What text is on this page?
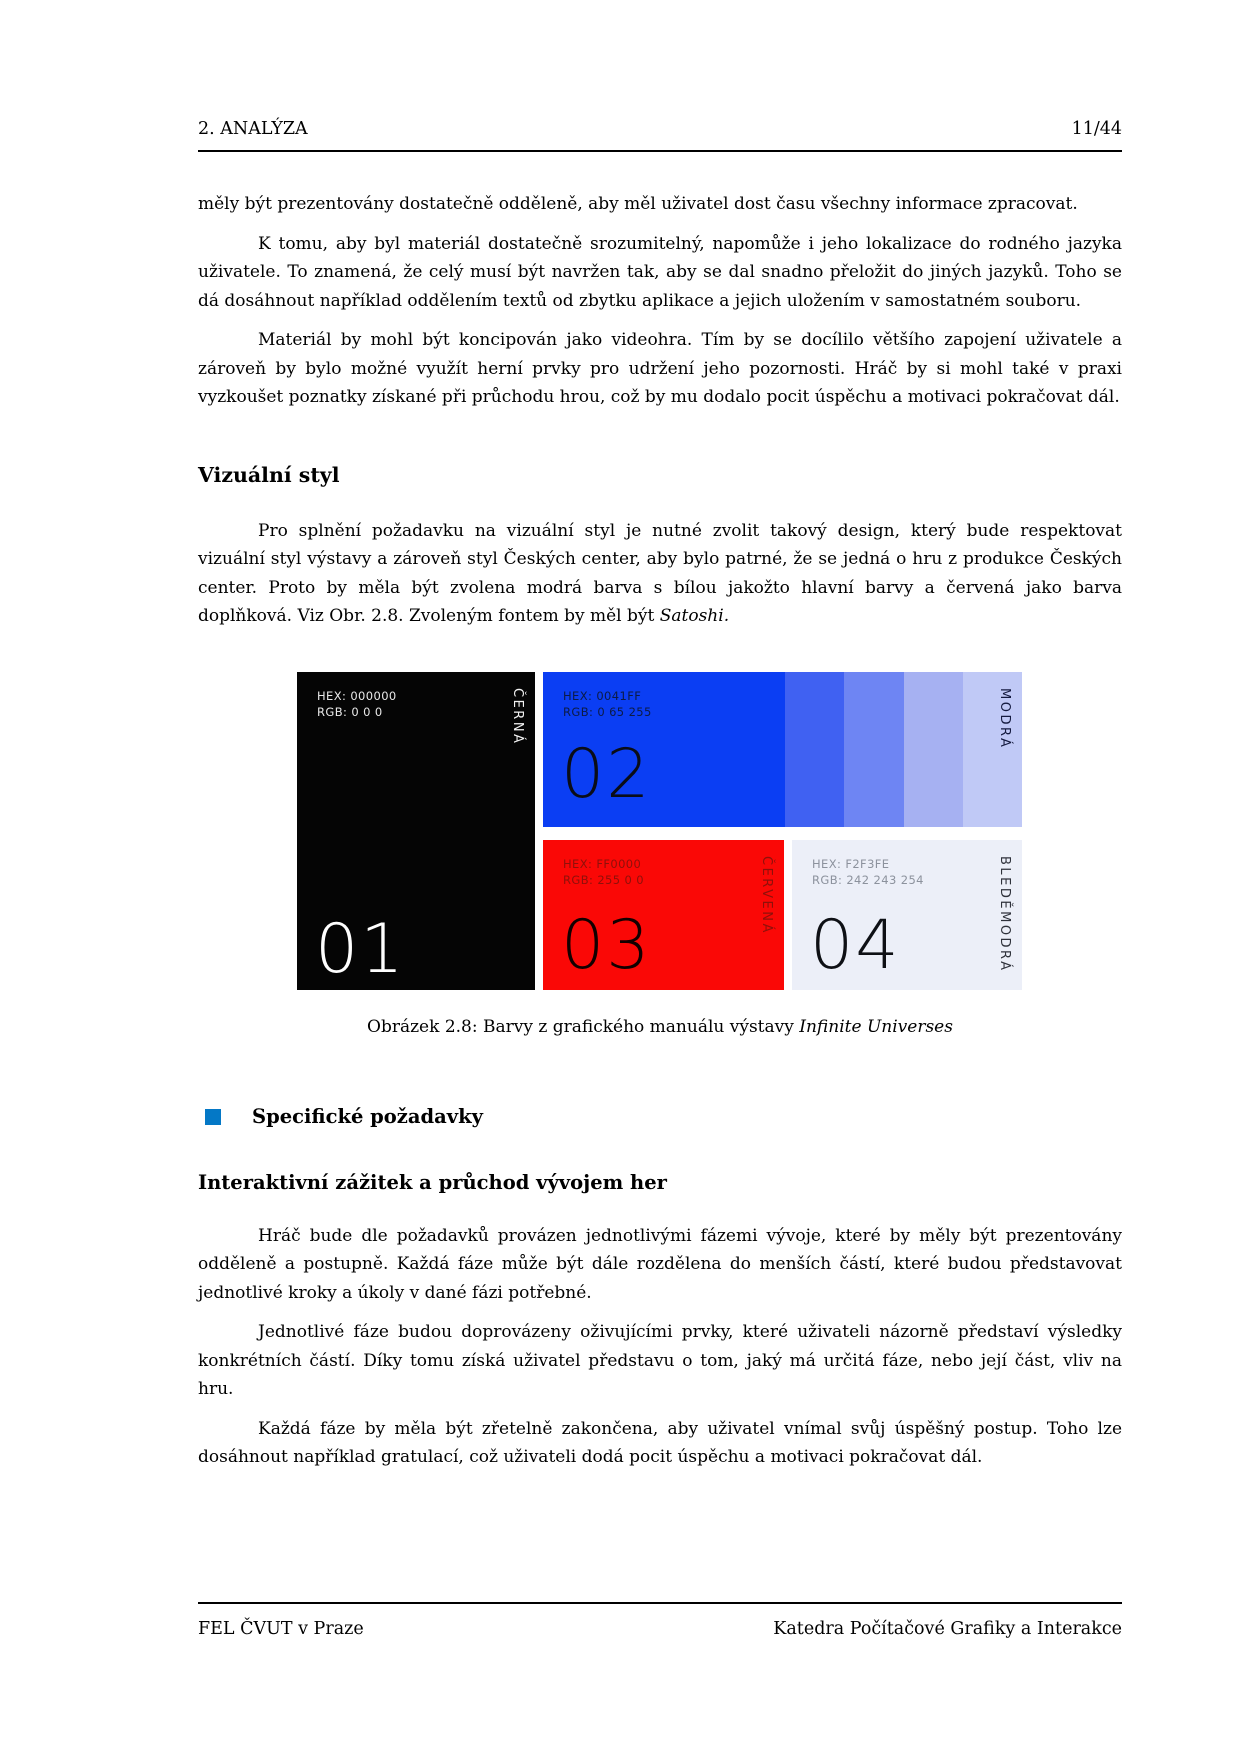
2. ANALÝZA	11/44

měly být prezentovány dostatečně odděleně, aby měl uživatel dost času všechny informace zpracovat.

K tomu, aby byl materiál dostatečně srozumitelný, napomůže i jeho lokalizace do rodného jazyka uživatele. To znamená, že celý musí být navržen tak, aby se dal snadno přeložit do jiných jazyků. Toho se dá dosáhnout například oddělením textů od zbytku aplikace a jejich uložením v samostatném souboru.

Materiál by mohl být koncipován jako videohra. Tím by se docílilo většího zapojení uživatele a zároveň by bylo možné využít herní prvky pro udržení jeho pozornosti. Hráč by si mohl také v praxi vyzkoušet poznatky získané při průchodu hrou, což by mu dodalo pocit úspěchu a motivaci pokračovat dál.

Vizuální styl

Pro splnění požadavku na vizuální styl je nutné zvolit takový design, který bude respektovat vizuální styl výstavy a zároveň styl Českých center, aby bylo patrné, že se jedná o hru z produkce Českých center. Proto by měla být zvolena modrá barva s bílou jakožto hlavní barvy a červená jako barva doplňková. Viz Obr. 2.8. Zvoleným fontem by měl být Satoshi.

HEX: 000000
RGB: 0 0 0	ČERNÁ
01
HEX: 0041FF
RGB: 0 65 255
02
MODRÁ
HEX: FF0000
RGB: 255 0 0	ČERVENÁ
03
HEX: F2F3FE
RGB: 242 243 254	BLEDĚMODRÁ
04
Obrázek 2.8: Barvy z grafického manuálu výstavy Infinite Universes
Specifické požadavky
Interaktivní zážitek a průchod vývojem her

Hráč bude dle požadavků provázen jednotlivými fázemi vývoje, které by měly být prezentovány odděleně a postupně. Každá fáze může být dále rozdělena do menších částí, které budou představovat jednotlivé kroky a úkoly v dané fázi potřebné.

Jednotlivé fáze budou doprovázeny oživujícími prvky, které uživateli názorně představí výsledky konkrétních částí. Díky tomu získá uživatel představu o tom, jaký má určitá fáze, nebo její část, vliv na hru.

Každá fáze by měla být zřetelně zakončena, aby uživatel vnímal svůj úspěšný postup. Toho lze dosáhnout například gratulací, což uživateli dodá pocit úspěchu a motivaci pokračovat dál.

FEL ČVUT v Praze	Katedra Počítačové Grafiky a Interakce
